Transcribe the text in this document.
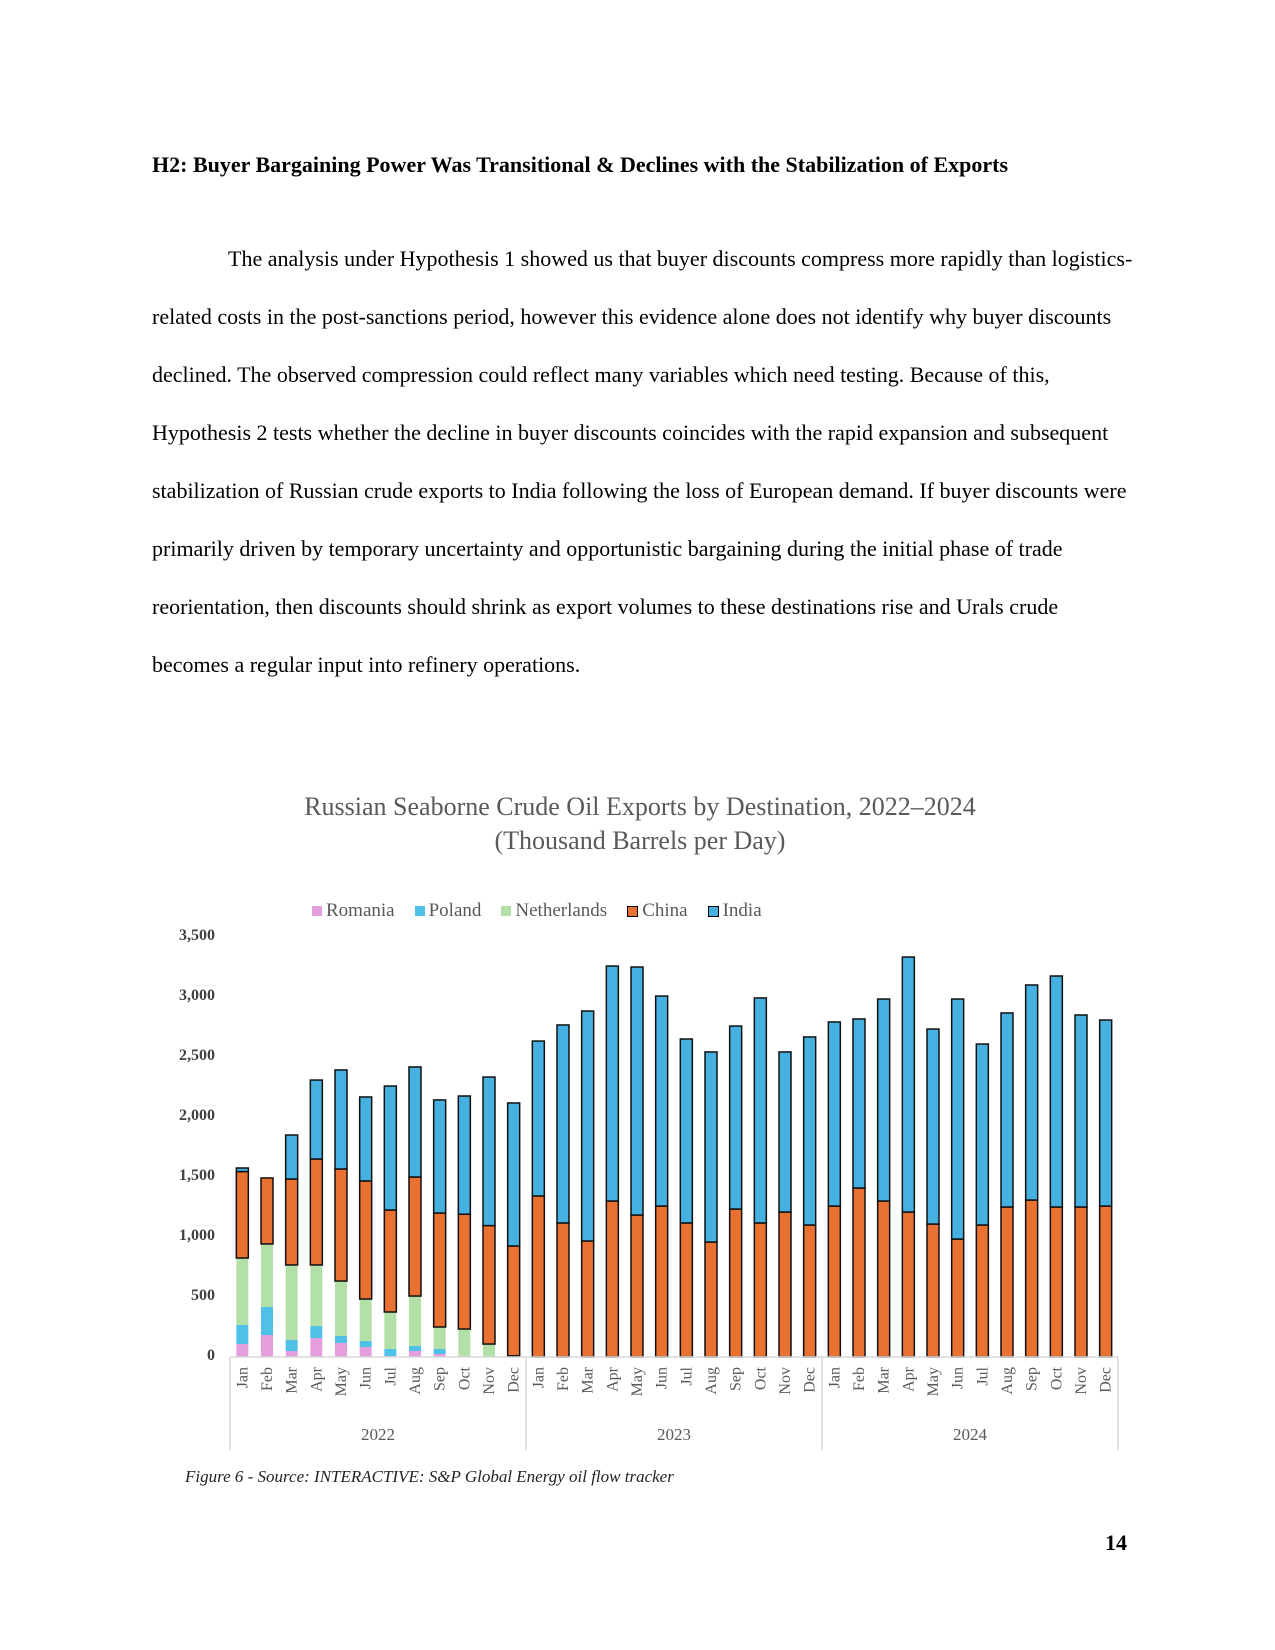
H2: Buyer Bargaining Power Was Transitional & Declines with the Stabilization of Exports
The analysis under Hypothesis 1 showed us that buyer discounts compress more rapidly than logistics-related costs in the post-sanctions period, however this evidence alone does not identify why buyer discounts declined. The observed compression could reflect many variables which need testing. Because of this, Hypothesis 2 tests whether the decline in buyer discounts coincides with the rapid expansion and subsequent stabilization of Russian crude exports to India following the loss of European demand. If buyer discounts were primarily driven by temporary uncertainty and opportunistic bargaining during the initial phase of trade reorientation, then discounts should shrink as export volumes to these destinations rise and Urals crude becomes a regular input into refinery operations.
Russian Seaborne Crude Oil Exports by Destination, 2022–2024
(Thousand Barrels per Day)
Romania Poland Netherlands China India
0
500
1,000
1,500
2,000
2,500
3,000
3,500
Jan Feb Mar Apr May Jun Jul Aug Sep Oct Nov Dec Jan Feb Mar Apr May Jun Jul Aug Sep Oct Nov Dec Jan Feb Mar Apr May Jun Jul Aug Sep Oct Nov Dec
2022	2023	2024
Figure 6 - Source: INTERACTIVE: S&P Global Energy oil flow tracker
14
